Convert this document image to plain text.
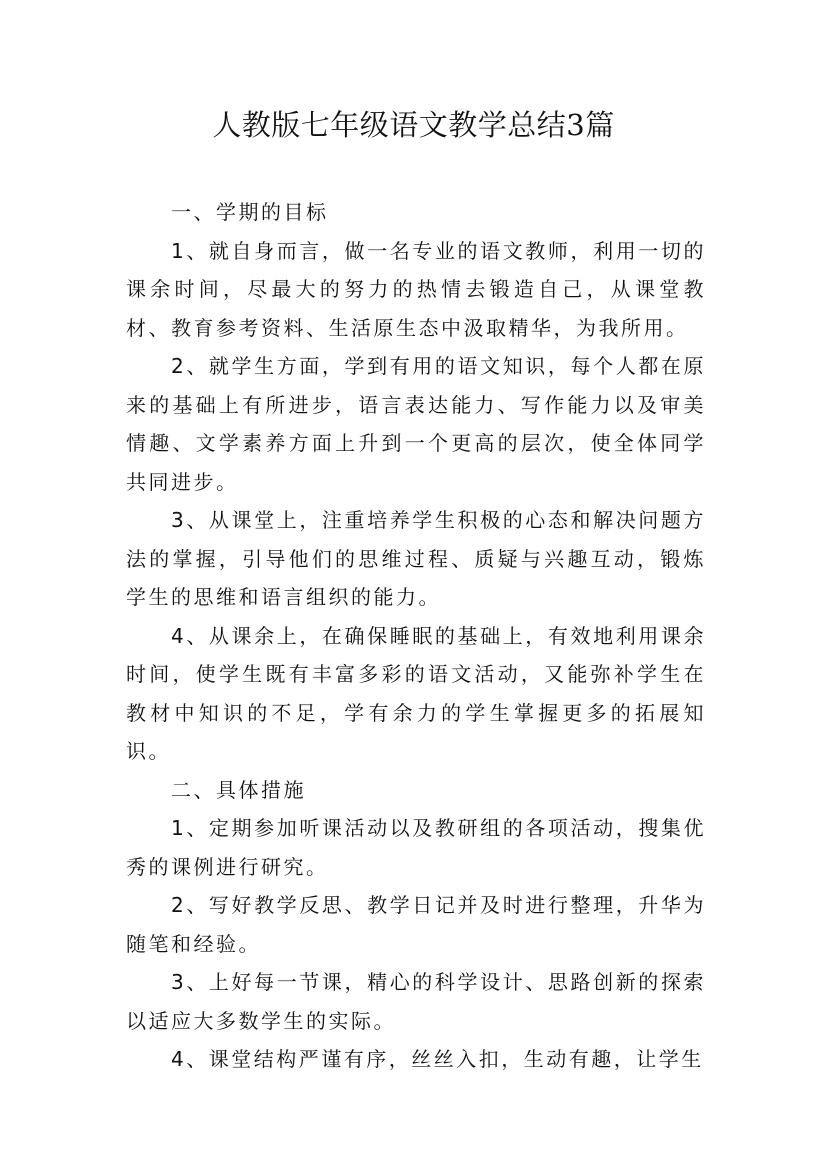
人教版七年级语文教学总结3篇

一、学期的目标

1、就自身而言，做一名专业的语文教师，利用一切的课余时间，尽最大的努力的热情去锻造自己，从课堂教材、教育参考资料、生活原生态中汲取精华，为我所用。

2、就学生方面，学到有用的语文知识，每个人都在原来的基础上有所进步，语言表达能力、写作能力以及审美情趣、文学素养方面上升到一个更高的层次，使全体同学共同进步。

3、从课堂上，注重培养学生积极的心态和解决问题方法的掌握，引导他们的思维过程、质疑与兴趣互动，锻炼学生的思维和语言组织的能力。

4、从课余上，在确保睡眠的基础上，有效地利用课余时间，使学生既有丰富多彩的语文活动，又能弥补学生在教材中知识的不足，学有余力的学生掌握更多的拓展知识。

二、具体措施

1、定期参加听课活动以及教研组的各项活动，搜集优秀的课例进行研究。

2、写好教学反思、教学日记并及时进行整理，升华为随笔和经验。

3、上好每一节课，精心的科学设计、思路创新的探索以适应大多数学生的实际。

4、课堂结构严谨有序，丝丝入扣，生动有趣，让学生
